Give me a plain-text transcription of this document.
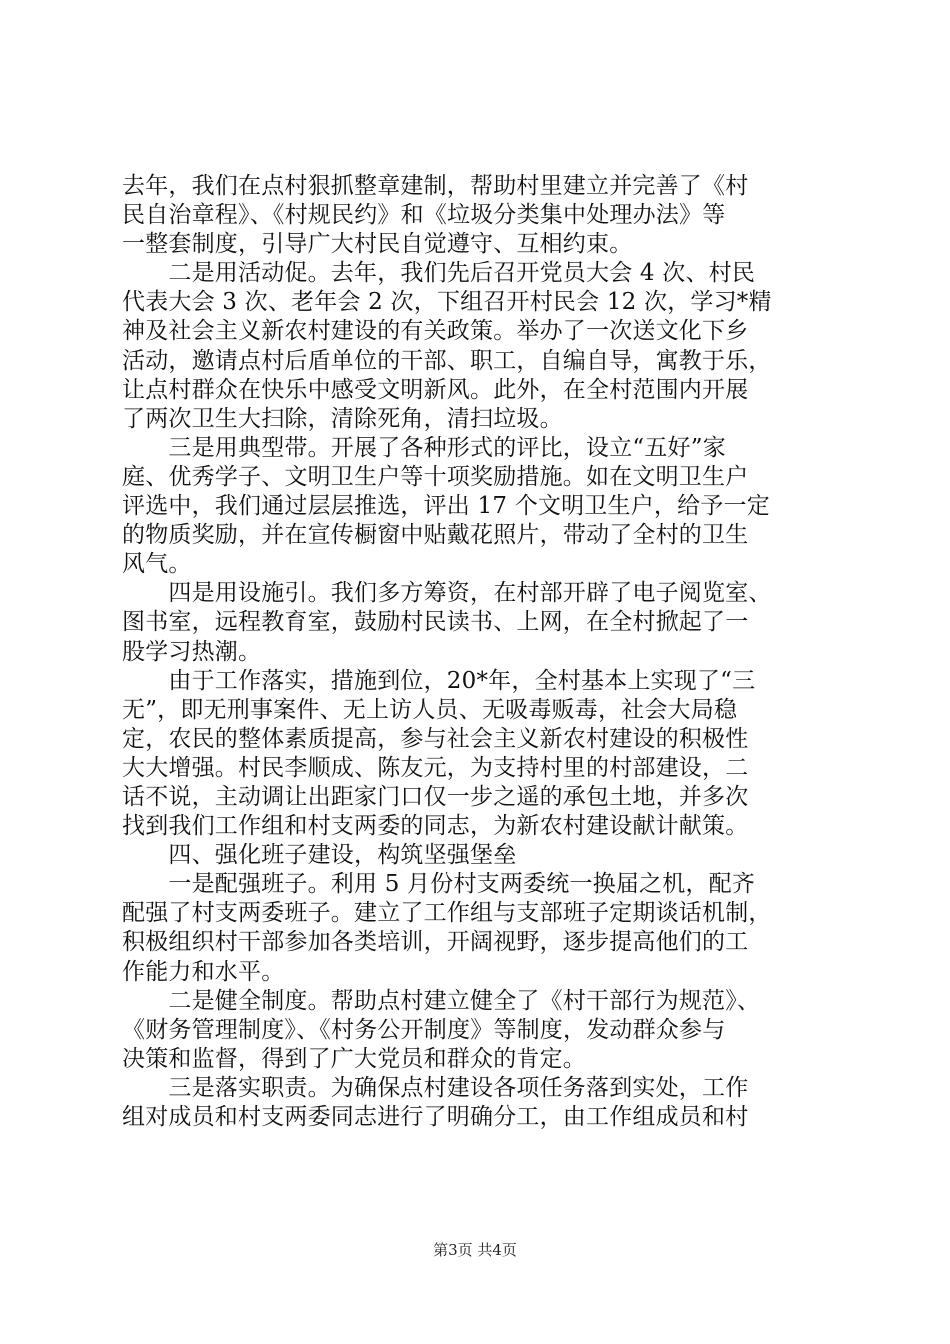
去年，我们在点村狠抓整章建制，帮助村里建立并完善了《村
民自治章程》、《村规民约》和《垃圾分类集中处理办法》等
一整套制度，引导广大村民自觉遵守、互相约束。
　　二是用活动促。去年，我们先后召开党员大会 4 次、村民
代表大会 3 次、老年会 2 次，下组召开村民会 12 次，学习*精
神及社会主义新农村建设的有关政策。举办了一次送文化下乡
活动，邀请点村后盾单位的干部、职工，自编自导，寓教于乐，
让点村群众在快乐中感受文明新风。此外，在全村范围内开展
了两次卫生大扫除，清除死角，清扫垃圾。
　　三是用典型带。开展了各种形式的评比，设立“五好”家
庭、优秀学子、文明卫生户等十项奖励措施。如在文明卫生户
评选中，我们通过层层推选，评出 17 个文明卫生户，给予一定
的物质奖励，并在宣传橱窗中贴戴花照片，带动了全村的卫生
风气。
　　四是用设施引。我们多方筹资，在村部开辟了电子阅览室、
图书室，远程教育室，鼓励村民读书、上网，在全村掀起了一
股学习热潮。
　　由于工作落实，措施到位，20*年，全村基本上实现了“三
无”，即无刑事案件、无上访人员、无吸毒贩毒，社会大局稳
定，农民的整体素质提高，参与社会主义新农村建设的积极性
大大增强。村民李顺成、陈友元，为支持村里的村部建设，二
话不说，主动调让出距家门口仅一步之遥的承包土地，并多次
找到我们工作组和村支两委的同志，为新农村建设献计献策。
　　四、强化班子建设，构筑坚强堡垒
　　一是配强班子。利用 5 月份村支两委统一换届之机，配齐
配强了村支两委班子。建立了工作组与支部班子定期谈话机制，
积极组织村干部参加各类培训，开阔视野，逐步提高他们的工
作能力和水平。
　　二是健全制度。帮助点村建立健全了《村干部行为规范》、
《财务管理制度》、《村务公开制度》等制度，发动群众参与
决策和监督，得到了广大党员和群众的肯定。
　　三是落实职责。为确保点村建设各项任务落到实处，工作
组对成员和村支两委同志进行了明确分工，由工作组成员和村
第3页 共4页
